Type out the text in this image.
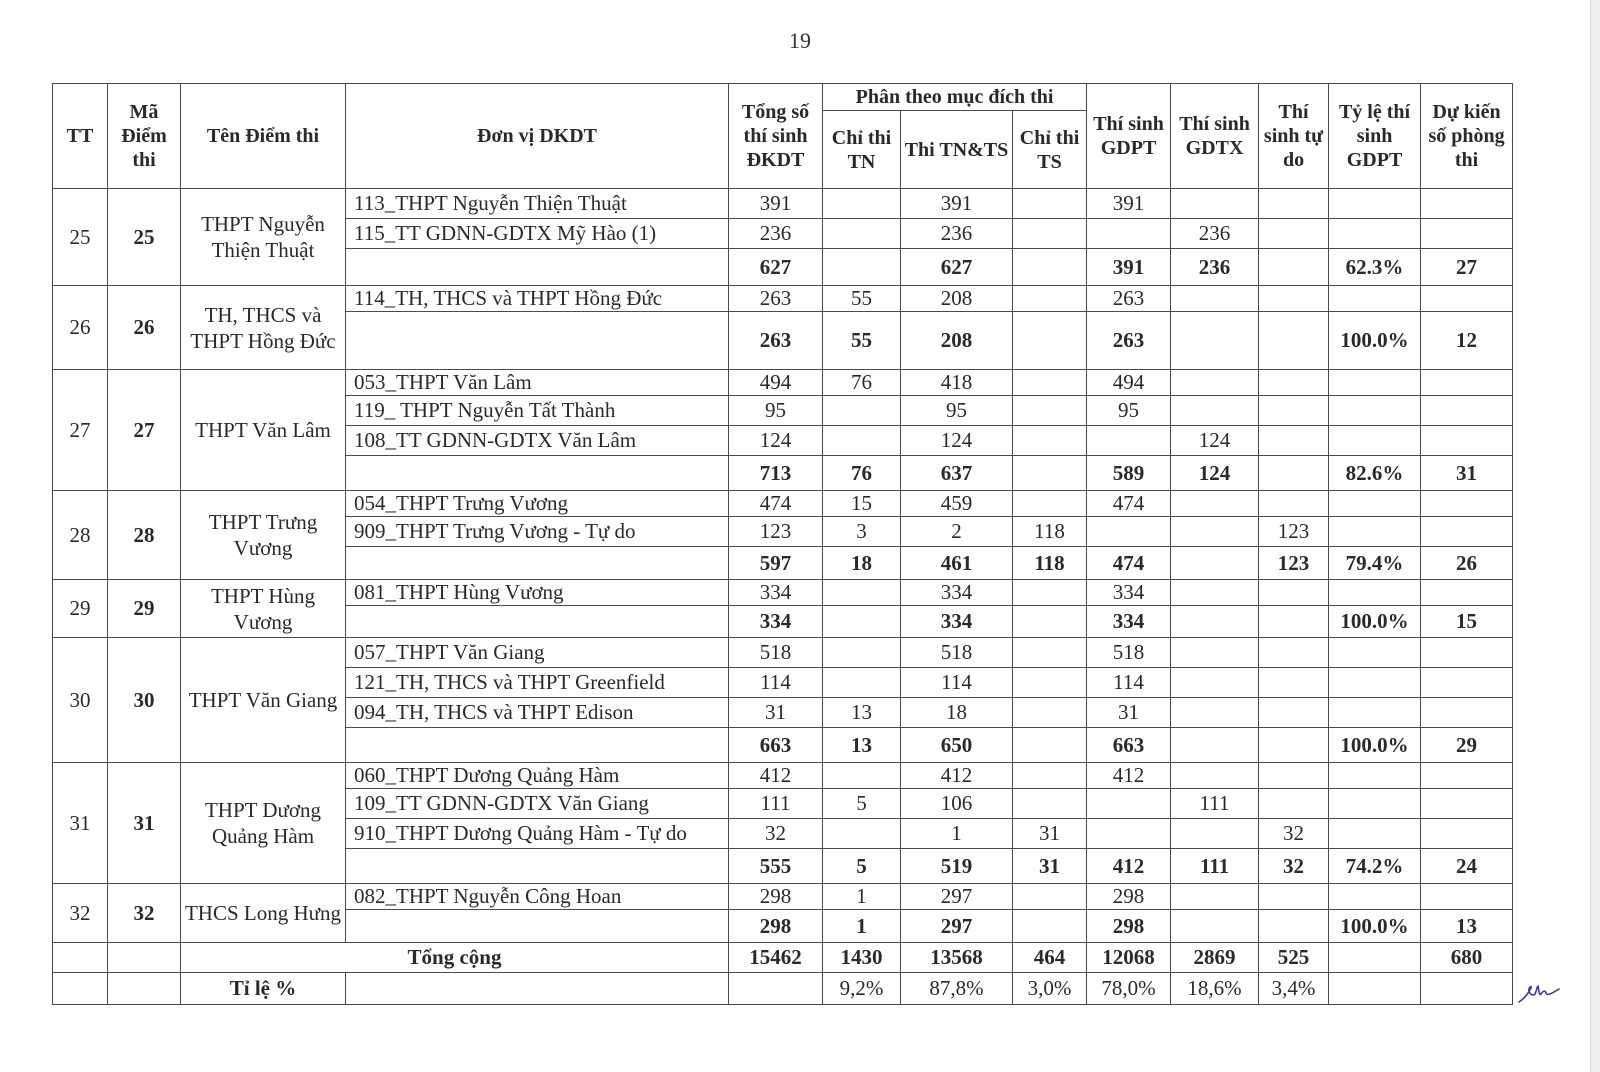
19
TT	Mã Điểm thi	Tên Điểm thi	Đơn vị DKDT	Tổng số thí sinh ĐKDT	Phân theo mục đích thi			Thí sinh GDPT	Thí sinh GDTX	Thí sinh tự do	Tỷ lệ thí sinh GDPT	Dự kiến số phòng thi
					Chỉ thi TN	Thi TN&TS	Chỉ thi TS					
25	25	THPT Nguyễn Thiện Thuật	113_THPT Nguyễn Thiện Thuật	391		391		391				
			115_TT GDNN-GDTX Mỹ Hào (1)	236		236			236			
				627		627		391	236		62.3%	27
26	26	TH, THCS và THPT Hồng Đức	114_TH, THCS và THPT Hồng Đức	263	55	208		263				
				263	55	208		263			100.0%	12
27	27	THPT Văn Lâm	053_THPT Văn Lâm	494	76	418		494				
			119_ THPT Nguyễn Tất Thành	95		95		95				
			108_TT GDNN-GDTX Văn Lâm	124		124			124			
				713	76	637		589	124		82.6%	31
28	28	THPT Trưng Vương	054_THPT Trưng Vương	474	15	459		474				
			909_THPT Trưng Vương - Tự do	123	3	2	118			123		
				597	18	461	118	474		123	79.4%	26
29	29	THPT Hùng Vương	081_THPT Hùng Vương	334		334		334				
				334		334		334			100.0%	15
30	30	THPT Văn Giang	057_THPT Văn Giang	518		518		518				
			121_TH, THCS và THPT Greenfield	114		114		114				
			094_TH, THCS và THPT Edison	31	13	18		31				
				663	13	650		663			100.0%	29
31	31	THPT Dương Quảng Hàm	060_THPT Dương Quảng Hàm	412		412		412				
			109_TT GDNN-GDTX Văn Giang	111	5	106			111			
			910_THPT Dương Quảng Hàm - Tự do	32		1	31			32		
				555	5	519	31	412	111	32	74.2%	24
32	32	THCS Long Hưng	082_THPT Nguyễn Công Hoan	298	1	297		298				
				298	1	297		298			100.0%	13
		Tổng cộng		15462	1430	13568	464	12068	2869	525		680
		Tỉ lệ %			9,2%	87,8%	3,0%	78,0%	18,6%	3,4%		
